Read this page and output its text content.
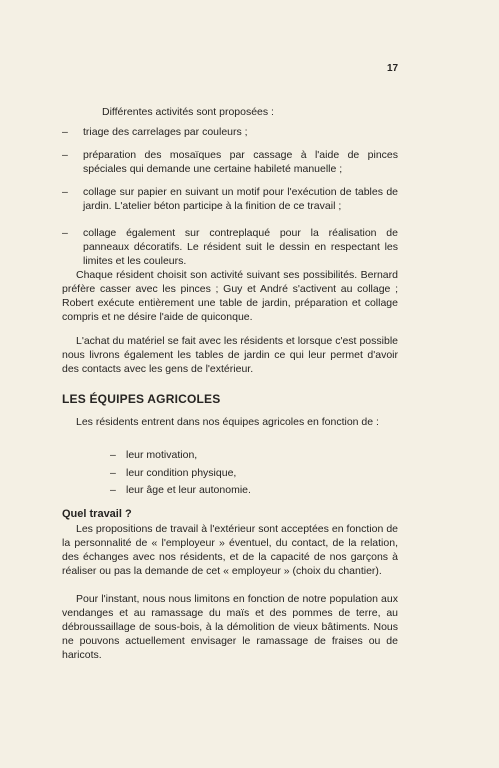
17
Différentes activités sont proposées :
– triage des carrelages par couleurs ;
– préparation des mosaïques par cassage à l'aide de pinces spéciales qui demande une certaine habileté manuelle ;
– collage sur papier en suivant un motif pour l'exécution de tables de jardin. L'atelier béton participe à la finition de ce travail ;
– collage également sur contreplaqué pour la réalisation de panneaux décoratifs. Le résident suit le dessin en respectant les limites et les couleurs.
Chaque résident choisit son activité suivant ses possibilités. Bernard préfère casser avec les pinces ; Guy et André s'activent au collage ; Robert exécute entièrement une table de jardin, préparation et collage compris et ne désire l'aide de quiconque.
L'achat du matériel se fait avec les résidents et lorsque c'est possible nous livrons également les tables de jardin ce qui leur permet d'avoir des contacts avec les gens de l'extérieur.
LES ÉQUIPES AGRICOLES
Les résidents entrent dans nos équipes agricoles en fonction de :
– leur motivation,
– leur condition physique,
– leur âge et leur autonomie.
Quel travail ?
Les propositions de travail à l'extérieur sont acceptées en fonction de la personnalité de « l'employeur » éventuel, du contact, de la relation, des échanges avec nos résidents, et de la capacité de nos garçons à réaliser ou pas la demande de cet « employeur » (choix du chantier).
Pour l'instant, nous nous limitons en fonction de notre population aux vendanges et au ramassage du maïs et des pommes de terre, au débroussaillage de sous-bois, à la démolition de vieux bâtiments. Nous ne pouvons actuellement envisager le ramassage de fraises ou de haricots.
